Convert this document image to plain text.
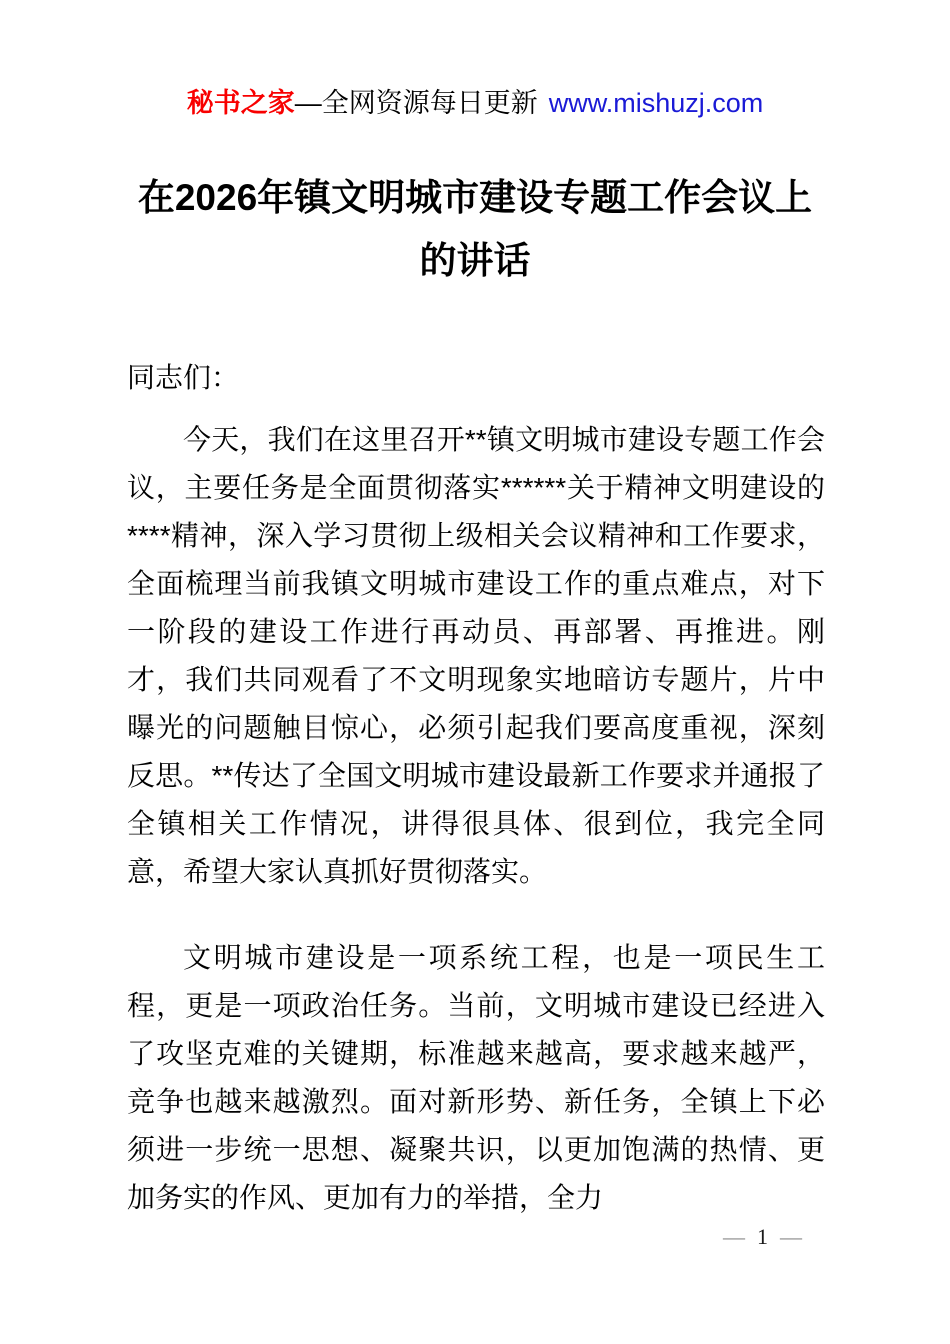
秘书之家—全网资源每日更新 www.mishuzj.com
在2026年镇文明城市建设专题工作会议上的讲话

同志们：

今天，我们在这里召开**镇文明城市建设专题工作会议，主要任务是全面贯彻落实******关于精神文明建设的****精神，深入学习贯彻上级相关会议精神和工作要求，全面梳理当前我镇文明城市建设工作的重点难点，对下一阶段的建设工作进行再动员、再部署、再推进。刚才，我们共同观看了不文明现象实地暗访专题片，片中曝光的问题触目惊心，必须引起我们要高度重视，深刻反思。**传达了全国文明城市建设最新工作要求并通报了全镇相关工作情况，讲得很具体、很到位，我完全同意，希望大家认真抓好贯彻落实。

文明城市建设是一项系统工程，也是一项民生工程，更是一项政治任务。当前，文明城市建设已经进入了攻坚克难的关键期，标准越来越高，要求越来越严，竞争也越来越激烈。面对新形势、新任务，全镇上下必须进一步统一思想、凝聚共识，以更加饱满的热情、更加务实的作风、更加有力的举措，全力

— 1 —
